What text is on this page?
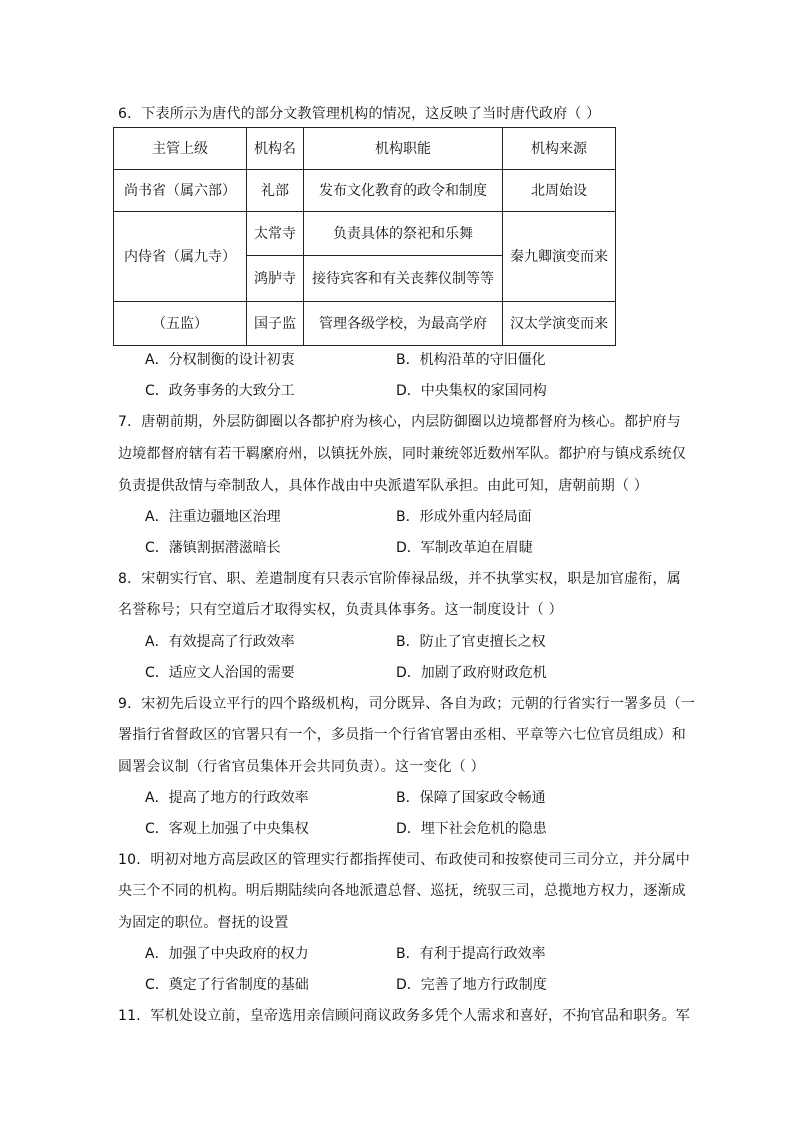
6．下表所示为唐代的部分文教管理机构的情况，这反映了当时唐代政府（ ）
主管上级	机构名	机构职能	机构来源
尚书省（属六部）	礼部	发布文化教育的政令和制度	北周始设
内侍省（属九寺）	太常寺	负责具体的祭祀和乐舞	秦九卿演变而来
	鸿胪寺	接待宾客和有关丧葬仪制等等	
（五监）	国子监	管理各级学校，为最高学府	汉太学演变而来
A．分权制衡的设计初衷	B．机构沿革的守旧僵化
C．政务事务的大致分工	D．中央集权的家国同构
7．唐朝前期，外层防御圈以各都护府为核心，内层防御圈以边境都督府为核心。都护府与
边境都督府辖有若干羁縻府州，以镇抚外族，同时兼统邻近数州军队。都护府与镇戍系统仅
负责提供敌情与牵制敌人，具体作战由中央派遣军队承担。由此可知，唐朝前期（ ）
A．注重边疆地区治理	B．形成外重内轻局面
C．藩镇割据潜滋暗长	D．军制改革迫在眉睫
8．宋朝实行官、职、差遣制度有只表示官阶俸禄品级，并不执掌实权，职是加官虚衔，属
名誉称号；只有空道后才取得实权，负责具体事务。这一制度设计（ ）
A．有效提高了行政效率	B．防止了官吏擅长之权
C．适应文人治国的需要	D．加剧了政府财政危机
9．宋初先后设立平行的四个路级机构，司分既异、各自为政；元朝的行省实行一署多员（一
署指行省督政区的官署只有一个，多员指一个行省官署由丞相、平章等六七位官员组成）和
圆署会议制（行省官员集体开会共同负责）。这一变化（ ）
A．提高了地方的行政效率	B．保障了国家政令畅通
C．客观上加强了中央集权	D．埋下社会危机的隐患
10．明初对地方高层政区的管理实行都指挥使司、布政使司和按察使司三司分立，并分属中
央三个不同的机构。明后期陆续向各地派遣总督、巡抚，统驭三司，总揽地方权力，逐渐成
为固定的职位。督抚的设置
A．加强了中央政府的权力	B．有利于提高行政效率
C．奠定了行省制度的基础	D．完善了地方行政制度
11．军机处设立前，皇帝选用亲信顾问商议政务多凭个人需求和喜好，不拘官品和职务。军
